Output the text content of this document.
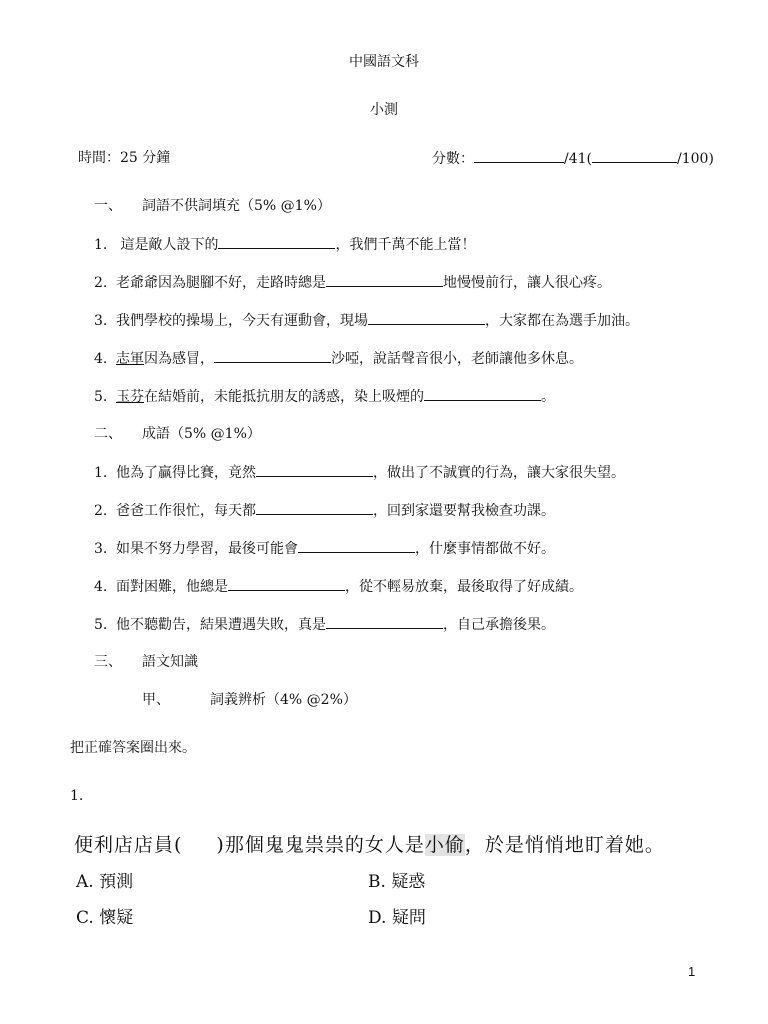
中國語文科
小測
時間：25 分鐘	分數：	/41(	/100)
一、 詞語不供詞填充（5% @1%）
1. 這是敵人設下的	，我們千萬不能上當！
2. 老爺爺因為腿腳不好，走路時總是	地慢慢前行，讓人很心疼。
3. 我們學校的操場上，今天有運動會，現場	，大家都在為選手加油。
4. 志軍因為感冒，	沙啞，說話聲音很小，老師讓他多休息。
5. 玉芬在結婚前，未能抵抗朋友的誘惑，染上吸煙的	。
二、 成語（5% @1%）
1. 他為了贏得比賽，竟然	，做出了不誠實的行為，讓大家很失望。
2. 爸爸工作很忙，每天都	，回到家還要幫我檢查功課。
3. 如果不努力學習，最後可能會	，什麼事情都做不好。
4. 面對困難，他總是	，從不輕易放棄，最後取得了好成績。
5. 他不聽勸告，結果遭遇失敗，真是	，自己承擔後果。
三、 語文知識
甲、	詞義辨析（4% @2%）
把正確答案圈出來。
1.
便利店店員( )那個鬼鬼祟祟的女人是小偷，於是悄悄地盯着她。
A. 預測	B. 疑惑
C. 懷疑	D. 疑問
1
